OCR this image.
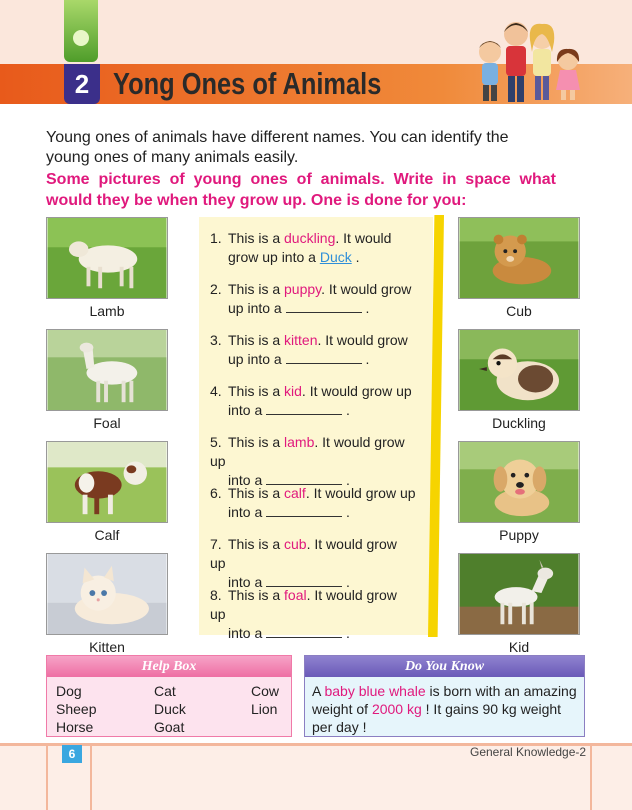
2 Yong Ones of Animals
Young ones of animals have different names. You can identify the young ones of many animals easily.
Some pictures of young ones of animals. Write in space what would they be when they grow up. One is done for you:
Lamb
Foal
Calf
Kitten
Cub
Duckling
Puppy
Kid
1. This is a duckling. It would
grow up into a Duck .
2. This is a puppy. It would grow
up into a	.
3. This is a kitten. It would grow
up into a	.
4. This is a kid. It would grow up
into a	.
5. This is a lamb. It would grow up
into a	.
6. This is a calf. It would grow up
into a	.
7. This is a cub. It would grow up
into a	.
8. This is a foal. It would grow up
into a	.
Help Box
Dog	Cat	Cow
Sheep	Duck	Lion
Horse	Goat
Do You Know
A baby blue whale is born with an amazing weight of 2000 kg ! It gains 90 kg weight per day !
6	General Knowledge-2
